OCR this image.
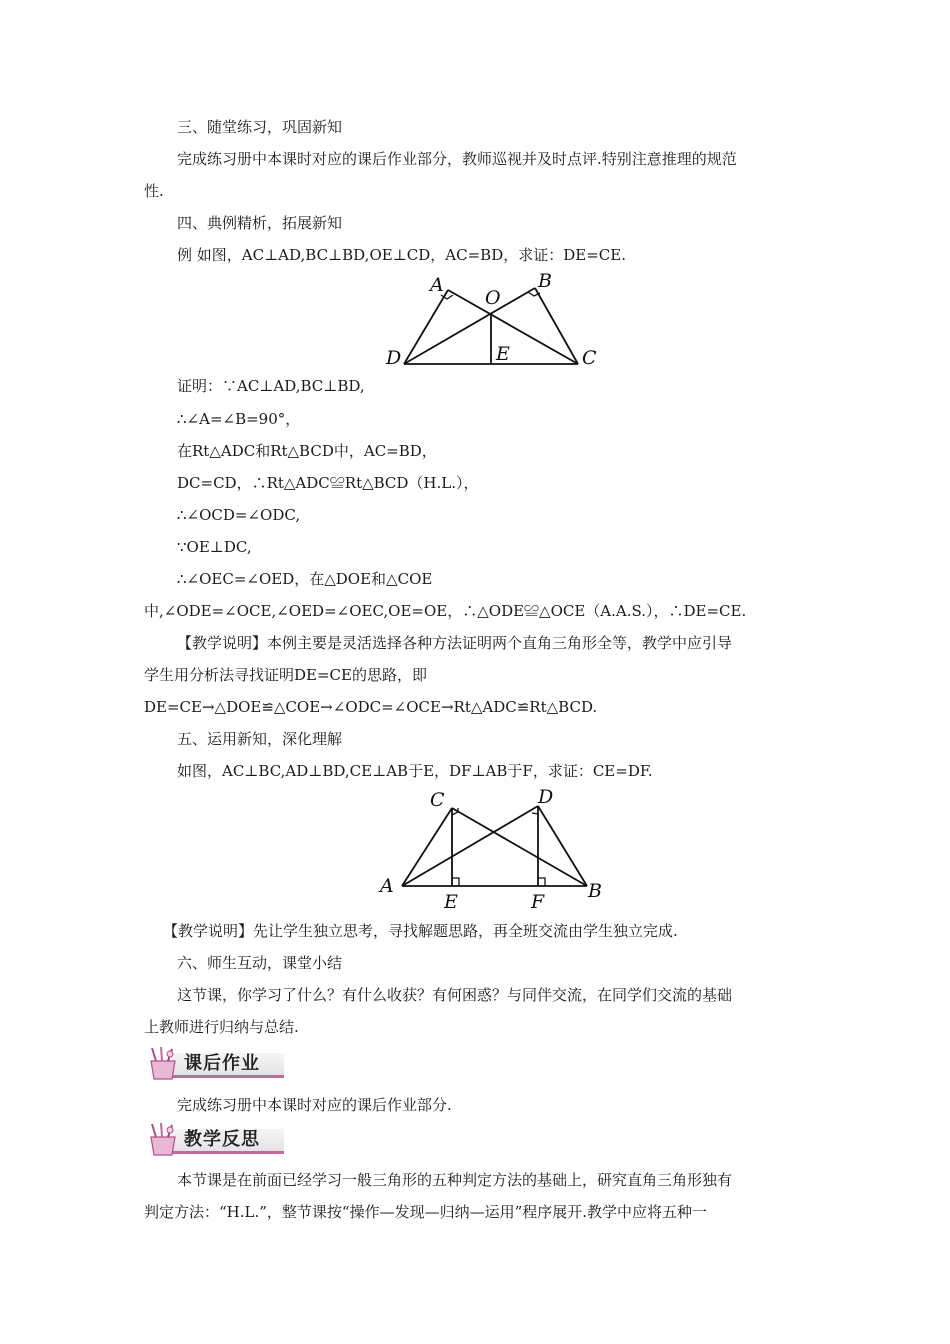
三、随堂练习，巩固新知
完成练习册中本课时对应的课后作业部分，教师巡视并及时点评.特别注意推理的规范
性.
四、典例精析，拓展新知
例 如图，AC⊥AD,BC⊥BD,OE⊥CD，AC=BD，求证：DE=CE.
A
O
B
D	E	C
证明：∵AC⊥AD,BC⊥BD,
∴∠A=∠B=90°，
在Rt△ADC和Rt△BCD中，AC=BD，
DC=CD，∴Rt△ADC≌Rt△BCD（H.L.），
∴∠OCD=∠ODC,
∵OE⊥DC,
∴∠OEC=∠OED，在△DOE和△COE
中,∠ODE=∠OCE,∠OED=∠OEC,OE=OE，∴△ODE≌△OCE（A.A.S.），∴DE=CE.
【教学说明】本例主要是灵活选择各种方法证明两个直角三角形全等，教学中应引导
学生用分析法寻找证明DE=CE的思路，即
DE=CE→△DOE≌△COE→∠ODC=∠OCE→Rt△ADC≌Rt△BCD.
五、运用新知，深化理解
如图，AC⊥BC,AD⊥BD,CE⊥AB于E，DF⊥AB于F，求证：CE=DF.
C	D
A
E	F B
【教学说明】先让学生独立思考，寻找解题思路，再全班交流由学生独立完成.
六、师生互动，课堂小结
这节课，你学习了什么？有什么收获？有何困惑？与同伴交流，在同学们交流的基础
上教师进行归纳与总结.
课后作业
完成练习册中本课时对应的课后作业部分.
教学反思
本节课是在前面已经学习一般三角形的五种判定方法的基础上，研究直角三角形独有
判定方法：“H.L.”，整节课按“操作—发现—归纳—运用”程序展开.教学中应将五种一
